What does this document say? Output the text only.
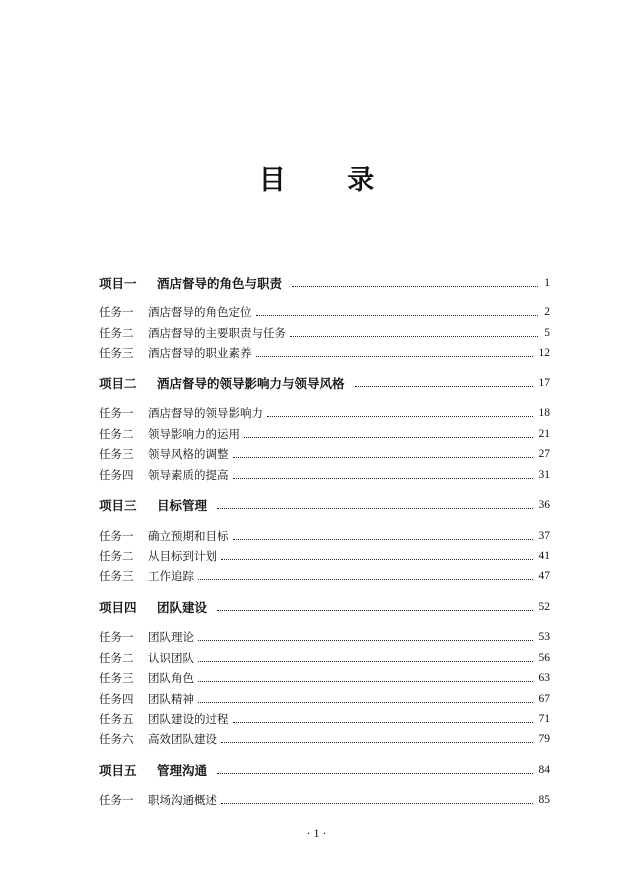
目 录
项目一	酒店督导的角色与职责	1
任务一	酒店督导的角色定位	2
任务二	酒店督导的主要职责与任务	5
任务三	酒店督导的职业素养	12
项目二	酒店督导的领导影响力与领导风格	17
任务一	酒店督导的领导影响力	18
任务二	领导影响力的运用	21
任务三	领导风格的调整	27
任务四	领导素质的提高	31
项目三	目标管理	36
任务一	确立预期和目标	37
任务二	从目标到计划	41
任务三	工作追踪	47
项目四	团队建设	52
任务一	团队理论	53
任务二	认识团队	56
任务三	团队角色	63
任务四	团队精神	67
任务五	团队建设的过程	71
任务六	高效团队建设	79
项目五	管理沟通	84
任务一	职场沟通概述	85
· 1 ·
